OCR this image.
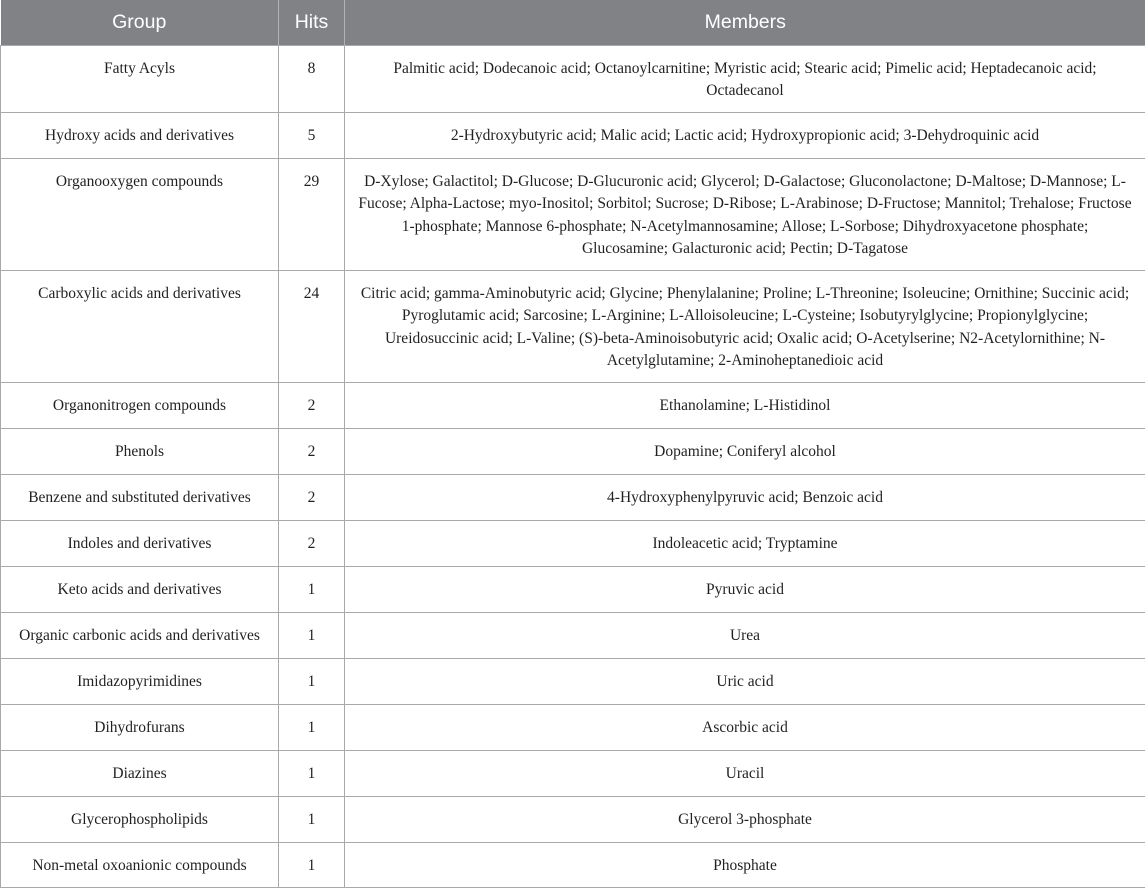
Group	Hits	Members
Fatty Acyls	8	Palmitic acid; Dodecanoic acid; Octanoylcarnitine; Myristic acid; Stearic acid; Pimelic acid; Heptadecanoic acid; Octadecanol
Hydroxy acids and derivatives	5	2-Hydroxybutyric acid; Malic acid; Lactic acid; Hydroxypropionic acid; 3-Dehydroquinic acid
Organooxygen compounds	29	D-Xylose; Galactitol; D-Glucose; D-Glucuronic acid; Glycerol; D-Galactose; Gluconolactone; D-Maltose; D-Mannose; L-Fucose; Alpha-Lactose; myo-Inositol; Sorbitol; Sucrose; D-Ribose; L-Arabinose; D-Fructose; Mannitol; Trehalose; Fructose 1-phosphate; Mannose 6-phosphate; N-Acetylmannosamine; Allose; L-Sorbose; Dihydroxyacetone phosphate; Glucosamine; Galacturonic acid; Pectin; D-Tagatose
Carboxylic acids and derivatives	24	Citric acid; gamma-Aminobutyric acid; Glycine; Phenylalanine; Proline; L-Threonine; Isoleucine; Ornithine; Succinic acid; Pyroglutamic acid; Sarcosine; L-Arginine; L-Alloisoleucine; L-Cysteine; Isobutyrylglycine; Propionylglycine; Ureidosuccinic acid; L-Valine; (S)-beta-Aminoisobutyric acid; Oxalic acid; O-Acetylserine; N2-Acetylornithine; N-Acetylglutamine; 2-Aminoheptanedioic acid
Organonitrogen compounds	2	Ethanolamine; L-Histidinol
Phenols	2	Dopamine; Coniferyl alcohol
Benzene and substituted derivatives	2	4-Hydroxyphenylpyruvic acid; Benzoic acid
Indoles and derivatives	2	Indoleacetic acid; Tryptamine
Keto acids and derivatives	1	Pyruvic acid
Organic carbonic acids and derivatives	1	Urea
Imidazopyrimidines	1	Uric acid
Dihydrofurans	1	Ascorbic acid
Diazines	1	Uracil
Glycerophospholipids	1	Glycerol 3-phosphate
Non-metal oxoanionic compounds	1	Phosphate
